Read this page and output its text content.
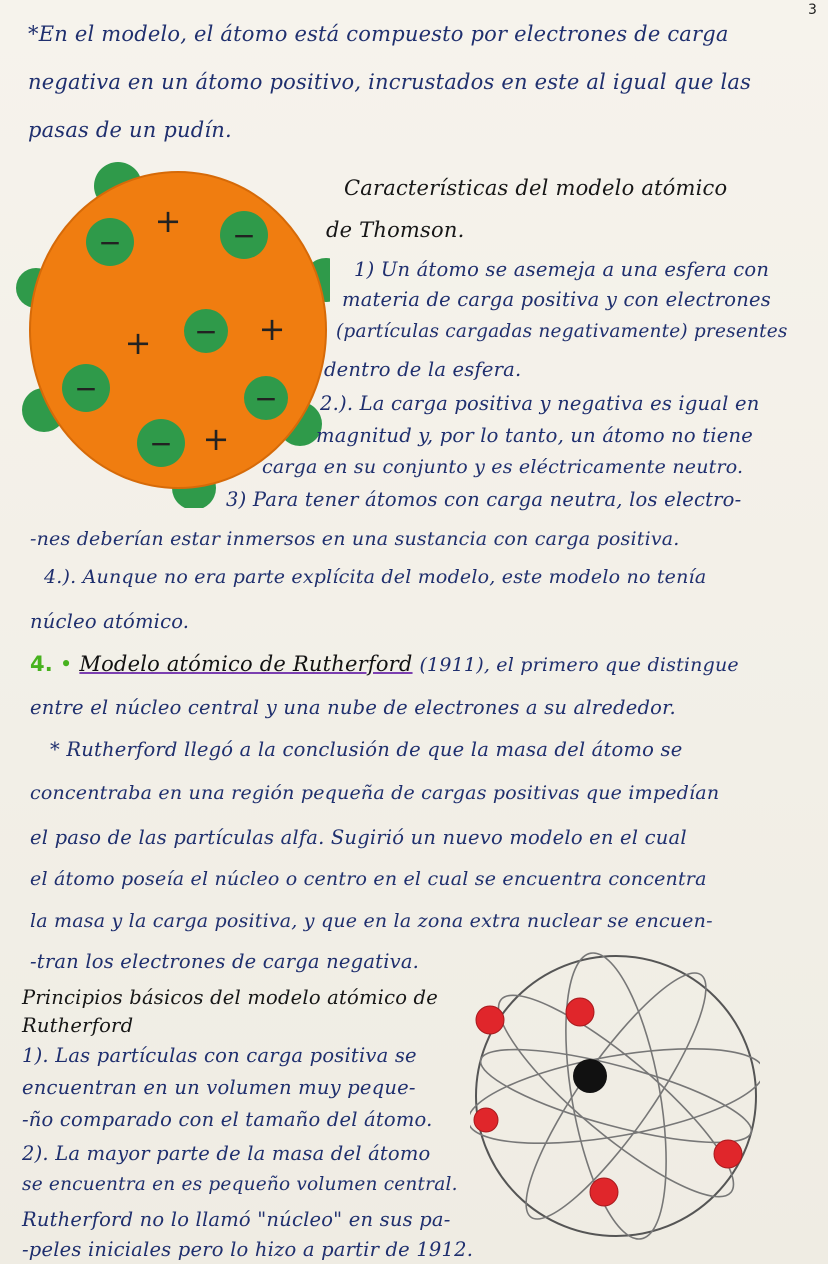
3
*En el modelo, el átomo está compuesto por electrones de carga
negativa en un átomo positivo, incrustados en este al igual que las
pasas de un pudín.
−	−
−
−	−
−
+
+	+
+
Características del modelo atómico
de Thomson.
1) Un átomo se asemeja a una esfera con
materia de carga positiva y con electrones
(partículas cargadas negativamente) presentes
dentro de la esfera.
2.). La carga positiva y negativa es igual en
magnitud y, por lo tanto, un átomo no tiene
carga en su conjunto y es eléctricamente neutro.
3) Para tener átomos con carga neutra, los electro-
-nes deberían estar inmersos en una sustancia con carga positiva.
4.). Aunque no era parte explícita del modelo, este modelo no tenía
núcleo atómico.
4. • Modelo atómico de Rutherford (1911), el primero que distingue
entre el núcleo central y una nube de electrones a su alrededor.
* Rutherford llegó a la conclusión de que la masa del átomo se
concentraba en una región pequeña de cargas positivas que impedían
el paso de las partículas alfa. Sugirió un nuevo modelo en el cual
el átomo poseía el núcleo o centro en el cual se encuentra concentra
la masa y la carga positiva, y que en la zona extra nuclear se encuen-
-tran los electrones de carga negativa.
Principios básicos del modelo atómico de
Rutherford
1). Las partículas con carga positiva se
encuentran en un volumen muy peque-
-ño comparado con el tamaño del átomo.
2). La mayor parte de la masa del átomo
se encuentra en es pequeño volumen central.
Rutherford no lo llamó "núcleo" en sus pa-
-peles iniciales pero lo hizo a partir de 1912.
